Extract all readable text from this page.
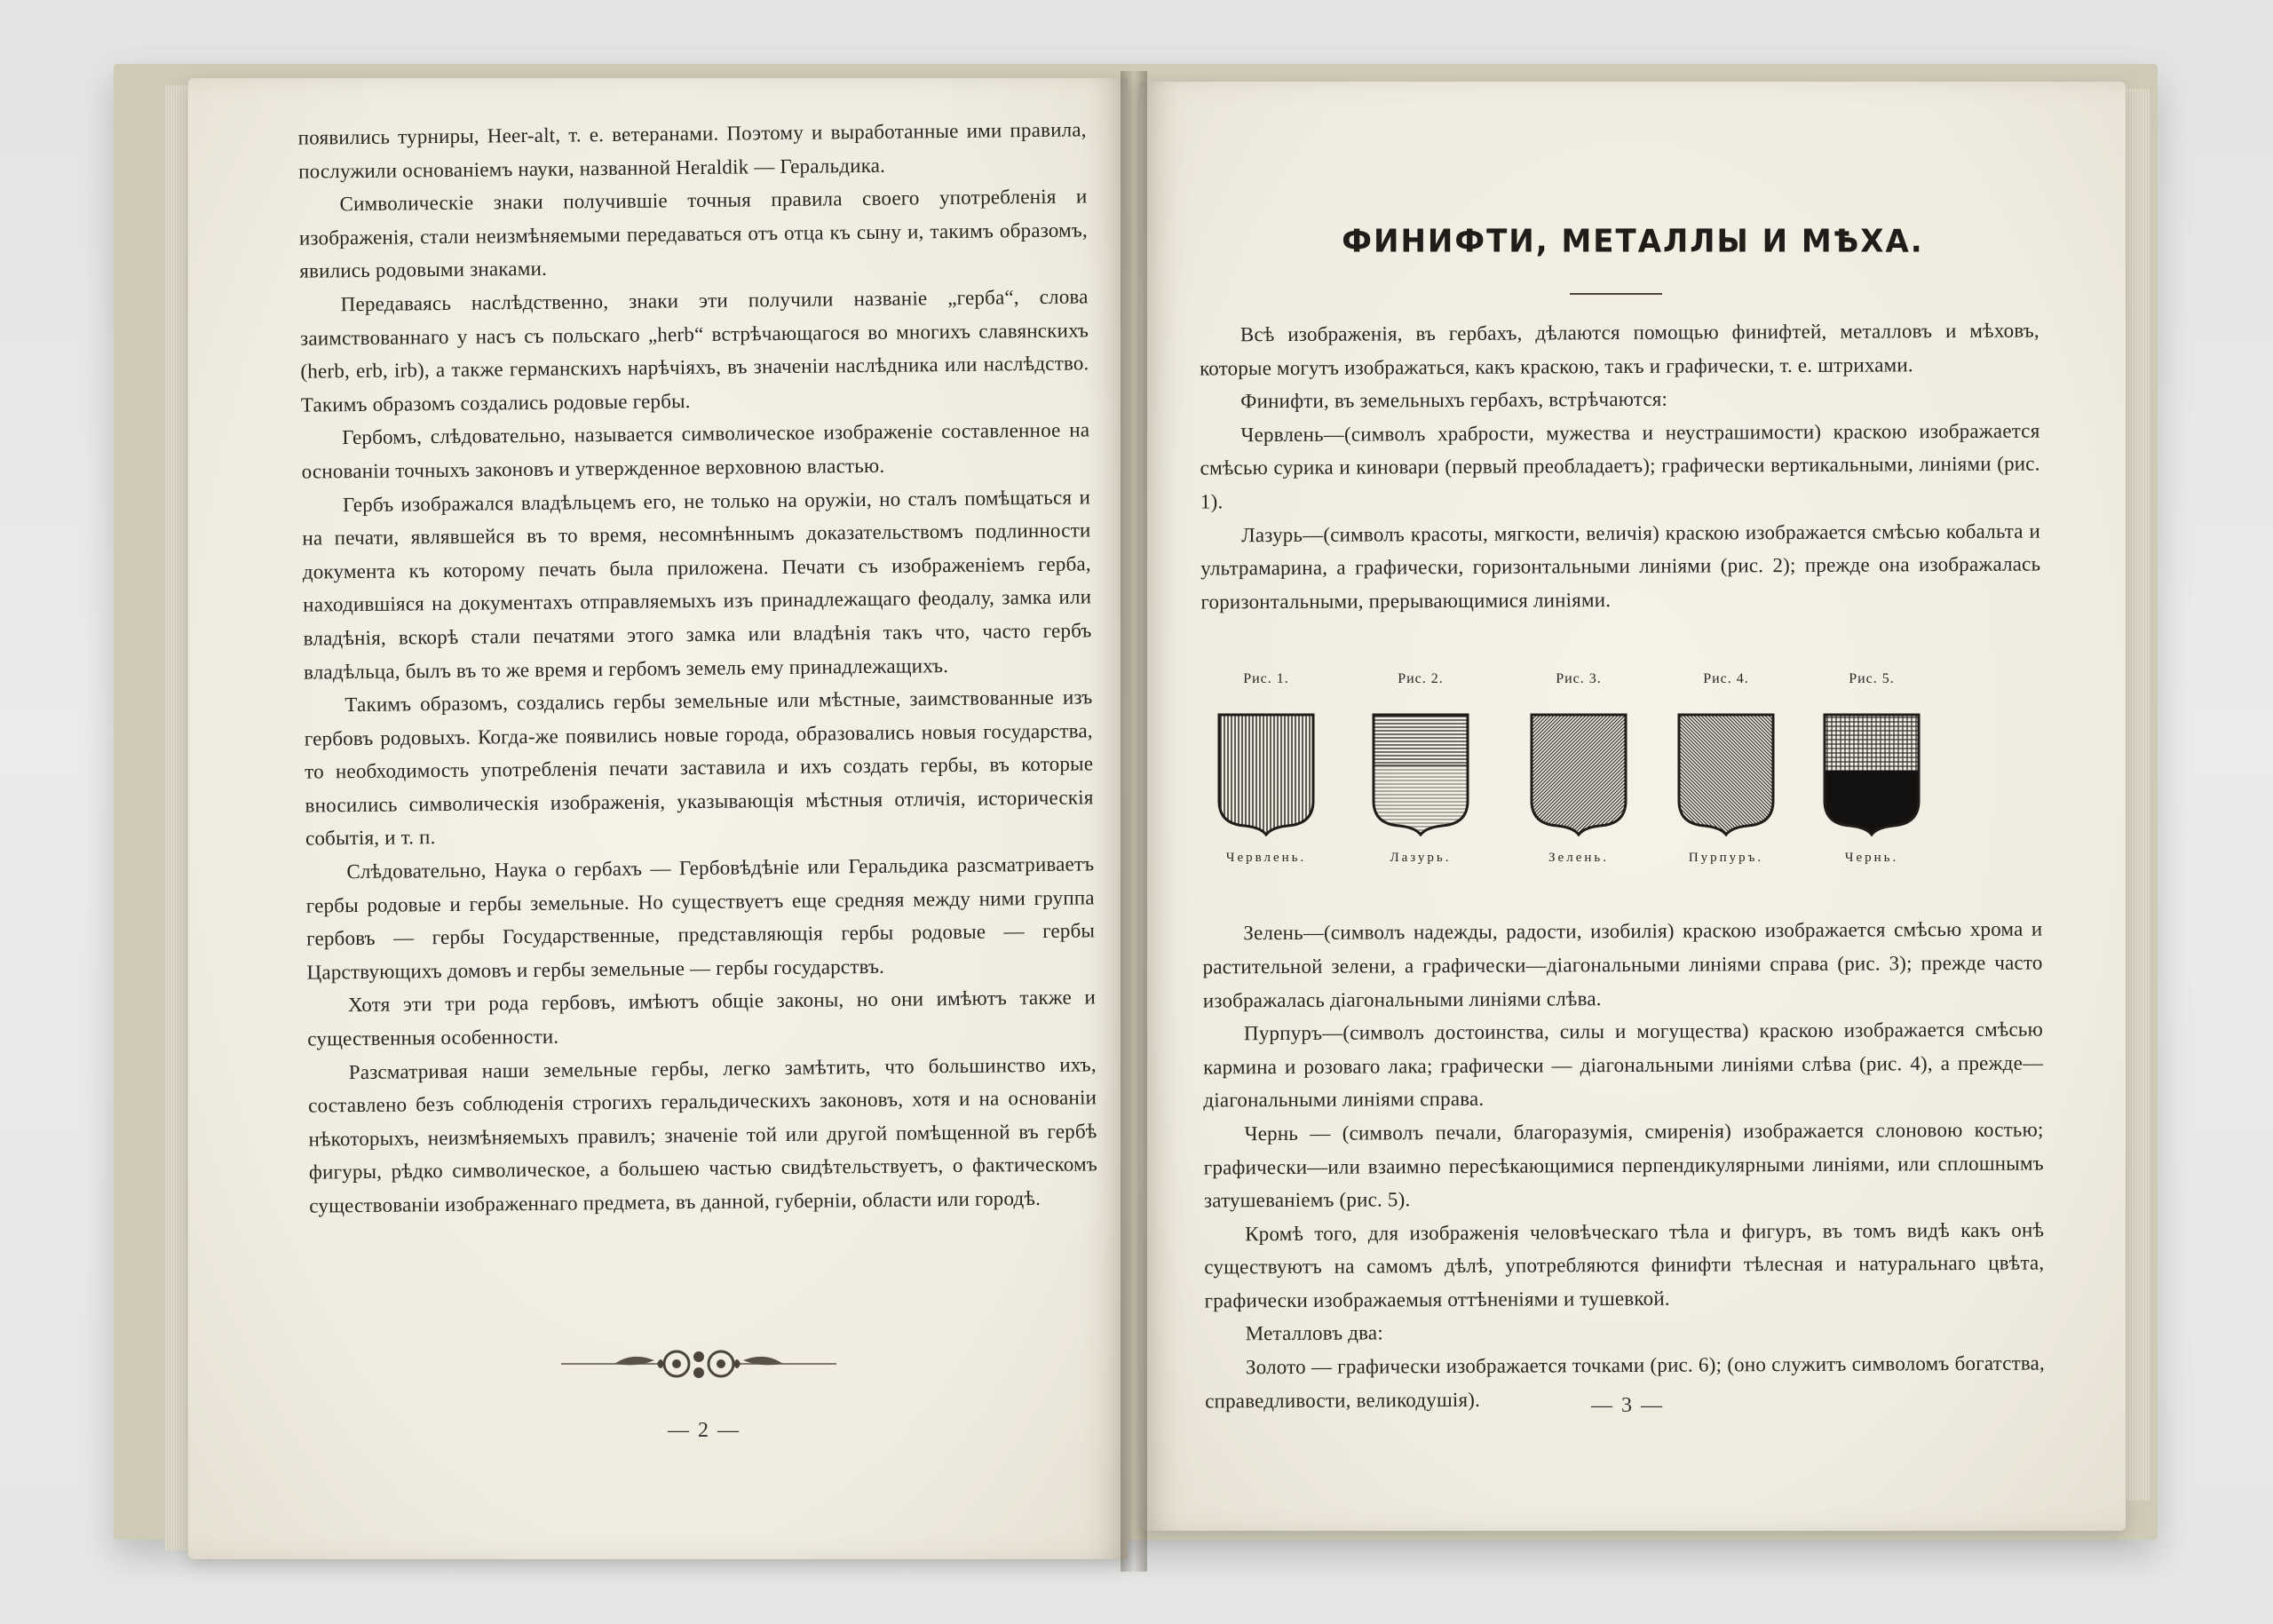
появились турниры, Heer-alt, т. е. ветеранами. Поэтому и выработанные ими правила, послужили основаніемъ науки, названной Heraldik — Геральдика.

Символическіе знаки получившіе точныя правила своего употребленія и изображенія, стали неизмѣняемыми передаваться отъ отца къ сыну и, такимъ образомъ, явились родовыми знаками.

Передаваясь наслѣдственно, знаки эти получили названіе „герба“, слова заимствованнаго у насъ съ польскаго „herb“ встрѣчающагося во многихъ славянскихъ (herb, erb, irb), а также германскихъ нарѣчіяхъ, въ значеніи наслѣдника или наслѣдство. Такимъ образомъ создались родовые гербы.

Гербомъ, слѣдовательно, называется символическое изображеніе составленное на основаніи точныхъ законовъ и утвержденное верховною властью.

Гербъ изображался владѣльцемъ его, не только на оружіи, но сталъ помѣщаться и на печати, являвшейся въ то время, несомнѣннымъ доказательствомъ подлинности документа къ которому печать была приложена. Печати съ изображеніемъ герба, находившіяся на документахъ отправляемыхъ изъ принадлежащаго феодалу, замка или владѣнія, вскорѣ стали печатями этого замка или владѣнія такъ что, часто гербъ владѣльца, былъ въ то же время и гербомъ земель ему принадлежащихъ.

Такимъ образомъ, создались гербы земельные или мѣстные, заимствованные изъ гербовъ родовыхъ. Когда-же появились новые города, образовались новыя государства, то необходимость употребленія печати заставила и ихъ создать гербы, въ которые вносились символическія изображенія, указывающія мѣстныя отличія, историческія событія, и т. п.

Слѣдовательно, Наука о гербахъ — Гербовѣдѣніе или Геральдика разсматриваетъ гербы родовые и гербы земельные. Но существуетъ еще средняя между ними группа гербовъ — гербы Государственные, представляющія гербы родовые — гербы Царствующихъ домовъ и гербы земельные — гербы государствъ.

Хотя эти три рода гербовъ, имѣютъ общіе законы, но они имѣютъ также и существенныя особенности.

Разсматривая наши земельные гербы, легко замѣтить, что большинство ихъ, составлено безъ соблюденія строгихъ геральдическихъ законовъ, хотя и на основаніи нѣкоторыхъ, неизмѣняемыхъ правилъ; значеніе той или другой помѣщенной въ гербѣ фигуры, рѣдко символическое, а большею частью свидѣтельствуетъ, о фактическомъ существованіи изображеннаго предмета, въ данной, губерніи, области или городѣ.

— 2 —
ФИНИФТИ, МЕТАЛЛЫ И МѢХА.

Всѣ изображенія, въ гербахъ, дѣлаются помощью финифтей, металловъ и мѣховъ, которые могутъ изображаться, какъ краскою, такъ и графически, т. е. штрихами.

Финифти, въ земельныхъ гербахъ, встрѣчаются:

Червлень—(символъ храбрости, мужества и неустрашимости) краскою изображается смѣсью сурика и киновари (первый преобладаетъ); графически вертикальными, линіями (рис. 1).

Лазурь—(символъ красоты, мягкости, величія) краскою изображается смѣсью кобальта и ультрамарина, а графически, горизонтальными линіями (рис. 2); прежде она изображалась горизонтальными, прерывающимися линіями.

Зелень—(символъ надежды, радости, изобилія) краскою изображается смѣсью хрома и растительной зелени, а графически—діагональными линіями справа (рис. 3); прежде часто изображалась діагональными линіями слѣва.

Пурпуръ—(символъ достоинства, силы и могущества) краскою изображается смѣсью кармина и розоваго лака; графически — діагональными линіями слѣва (рис. 4), а прежде—діагональными линіями справа.

Чернь — (символъ печали, благоразумія, смиренія) изображается слоновою костью; графически—или взаимно пересѣкающимися перпендикулярными линіями, или сплошнымъ затушеваніемъ (рис. 5).

Кромѣ того, для изображенія человѣческаго тѣла и фигуръ, въ томъ видѣ какъ онѣ существуютъ на самомъ дѣлѣ, употребляются финифти тѣлесная и натуральнаго цвѣта, графически изображаемыя оттѣненіями и тушевкой.

Металловъ два:

Золото — графически изображается точками (рис. 6); (оно служитъ символомъ богатства, справедливости, великодушія).

Рис. 1.
Червлень.
Рис. 2.
Лазурь.
Рис. 3.
Зелень.
Рис. 4.
Пурпуръ.
Рис. 5.
Чернь.
— 3 —
